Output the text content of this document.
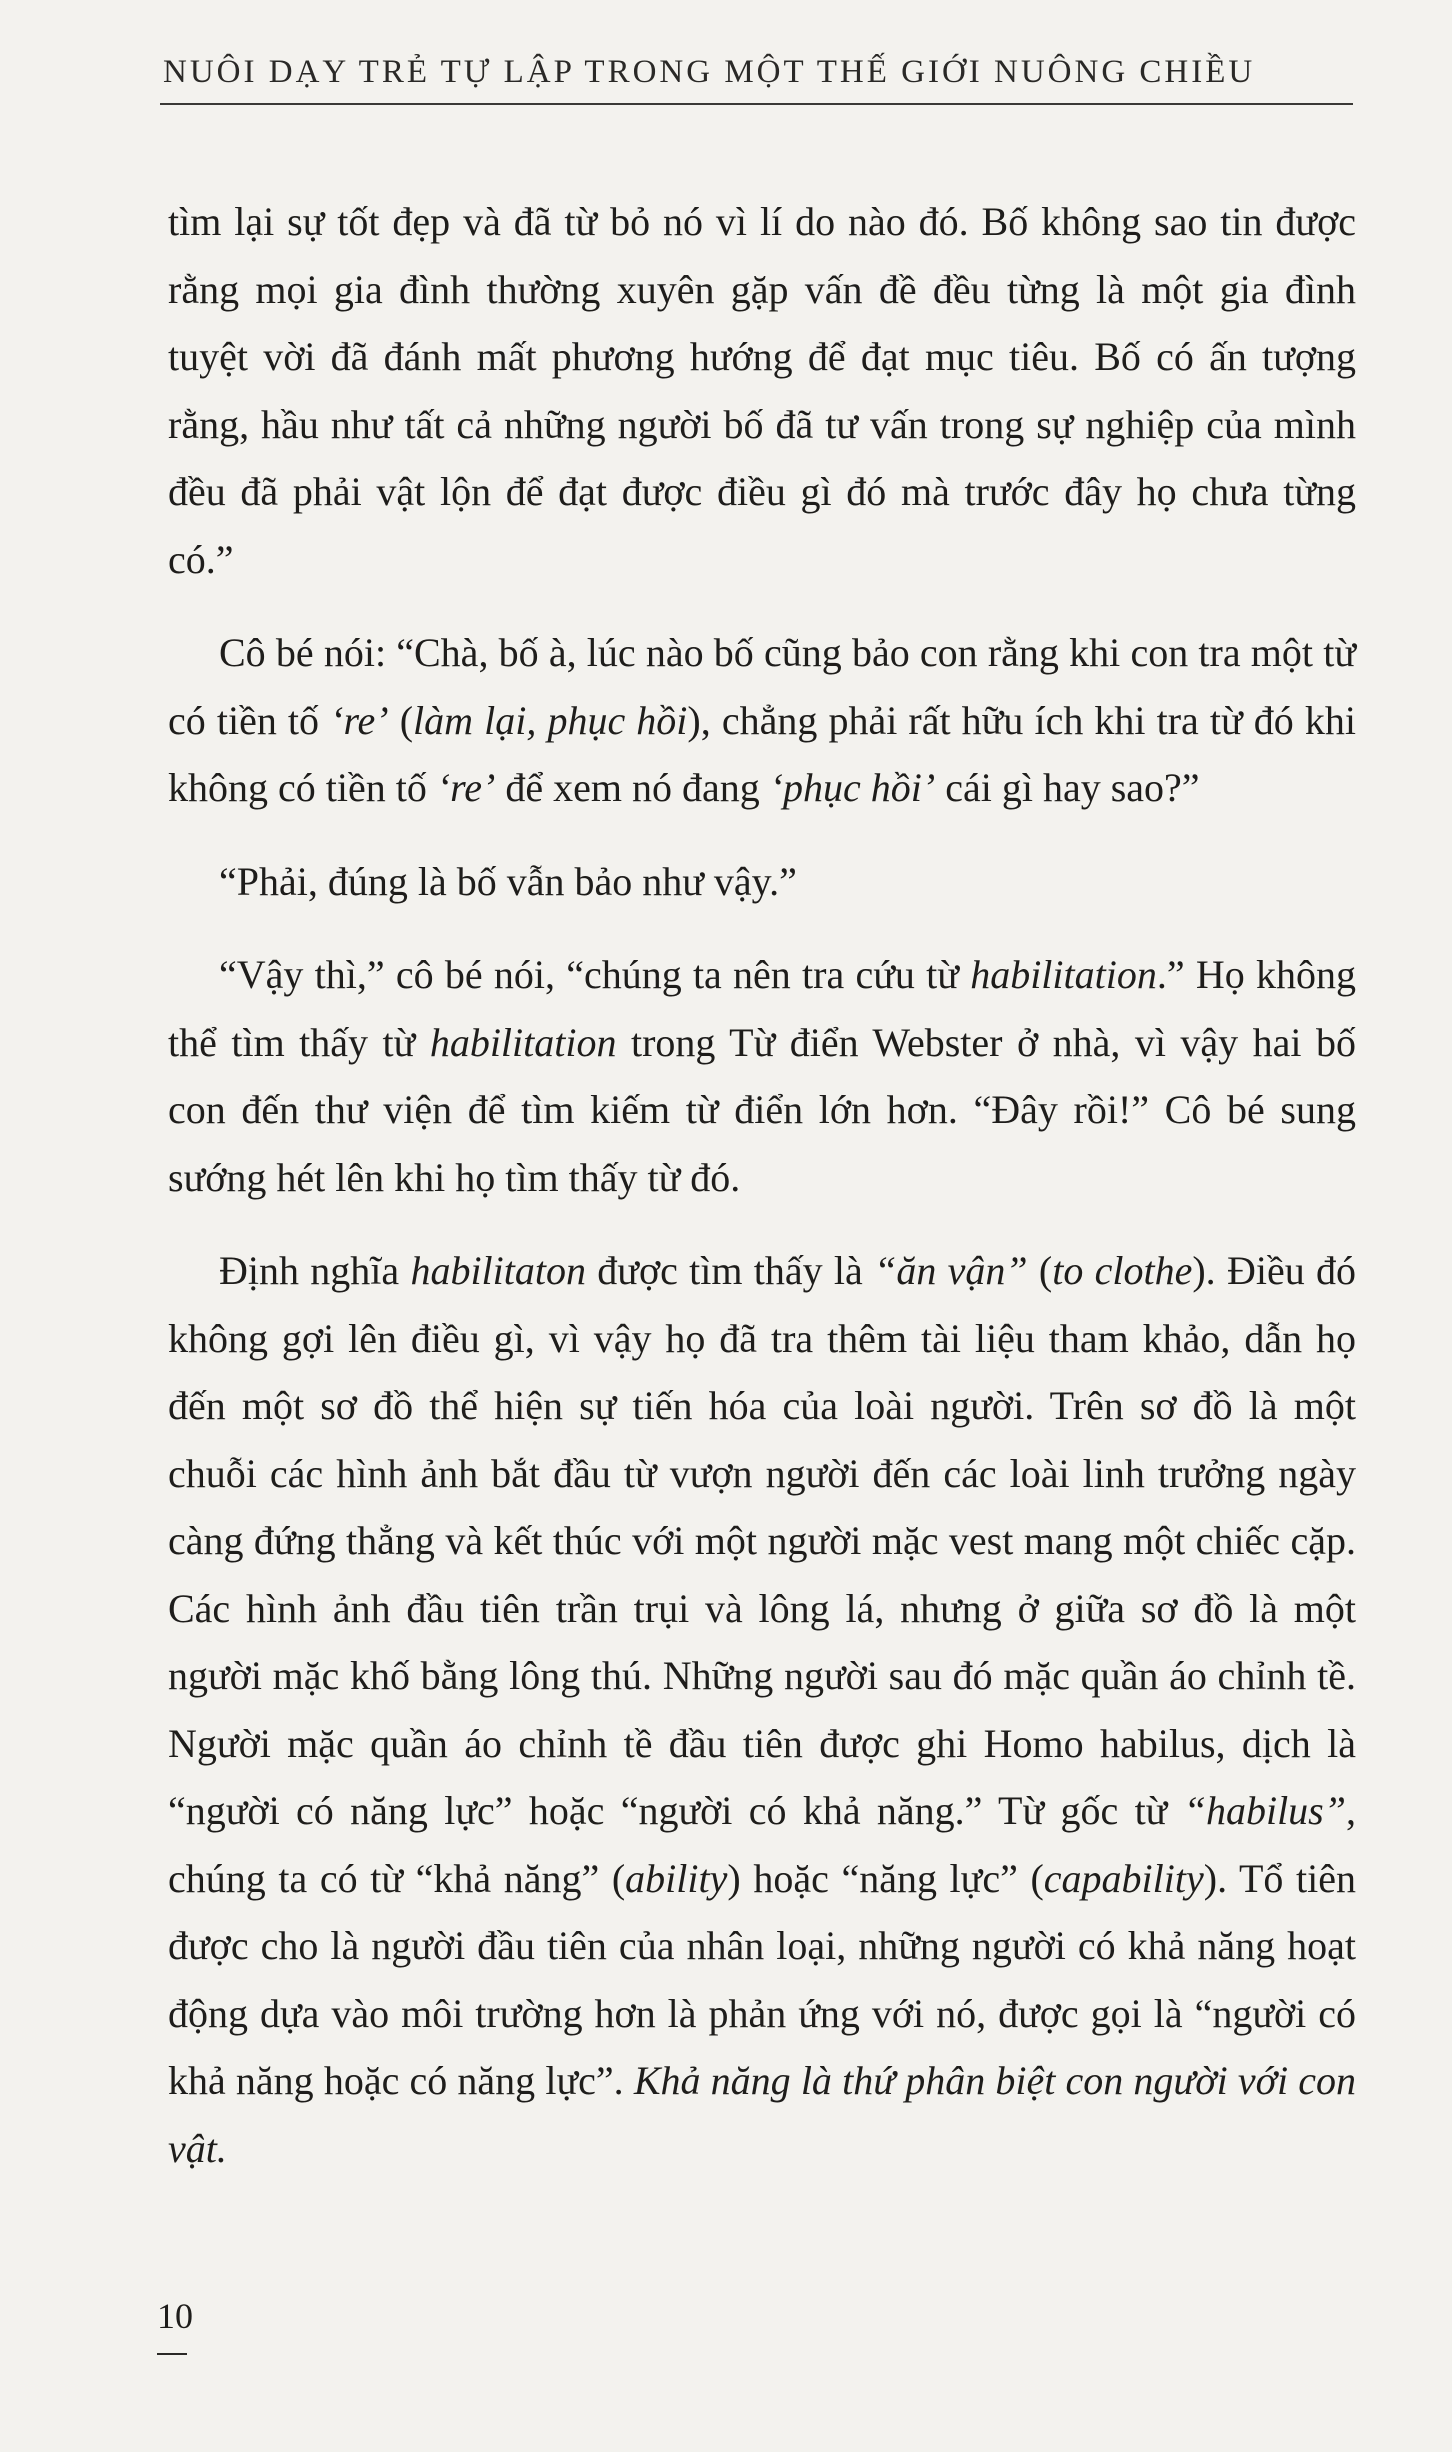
NUÔI DẠY TRẺ TỰ LẬP TRONG MỘT THẾ GIỚI NUÔNG CHIỀU

tìm lại sự tốt đẹp và đã từ bỏ nó vì lí do nào đó. Bố không sao tin được rằng mọi gia đình thường xuyên gặp vấn đề đều từng là một gia đình tuyệt vời đã đánh mất phương hướng để đạt mục tiêu. Bố có ấn tượng rằng, hầu như tất cả những người bố đã tư vấn trong sự nghiệp của mình đều đã phải vật lộn để đạt được điều gì đó mà trước đây họ chưa từng có.”

Cô bé nói: “Chà, bố à, lúc nào bố cũng bảo con rằng khi con tra một từ có tiền tố ‘re’ (làm lại, phục hồi), chẳng phải rất hữu ích khi tra từ đó khi không có tiền tố ‘re’ để xem nó đang ‘phục hồi’ cái gì hay sao?”

“Phải, đúng là bố vẫn bảo như vậy.”

“Vậy thì,” cô bé nói, “chúng ta nên tra cứu từ habilitation.” Họ không thể tìm thấy từ habilitation trong Từ điển Webster ở nhà, vì vậy hai bố con đến thư viện để tìm kiếm từ điển lớn hơn. “Đây rồi!” Cô bé sung sướng hét lên khi họ tìm thấy từ đó.

Định nghĩa habilitaton được tìm thấy là “ăn vận” (to clothe). Điều đó không gợi lên điều gì, vì vậy họ đã tra thêm tài liệu tham khảo, dẫn họ đến một sơ đồ thể hiện sự tiến hóa của loài người. Trên sơ đồ là một chuỗi các hình ảnh bắt đầu từ vượn người đến các loài linh trưởng ngày càng đứng thẳng và kết thúc với một người mặc vest mang một chiếc cặp. Các hình ảnh đầu tiên trần trụi và lông lá, nhưng ở giữa sơ đồ là một người mặc khố bằng lông thú. Những người sau đó mặc quần áo chỉnh tề. Người mặc quần áo chỉnh tề đầu tiên được ghi Homo habilus, dịch là “người có năng lực” hoặc “người có khả năng.” Từ gốc từ “habilus”, chúng ta có từ “khả năng” (ability) hoặc “năng lực” (capability). Tổ tiên được cho là người đầu tiên của nhân loại, những người có khả năng hoạt động dựa vào môi trường hơn là phản ứng với nó, được gọi là “người có khả năng hoặc có năng lực”. Khả năng là thứ phân biệt con người với con vật.

10
